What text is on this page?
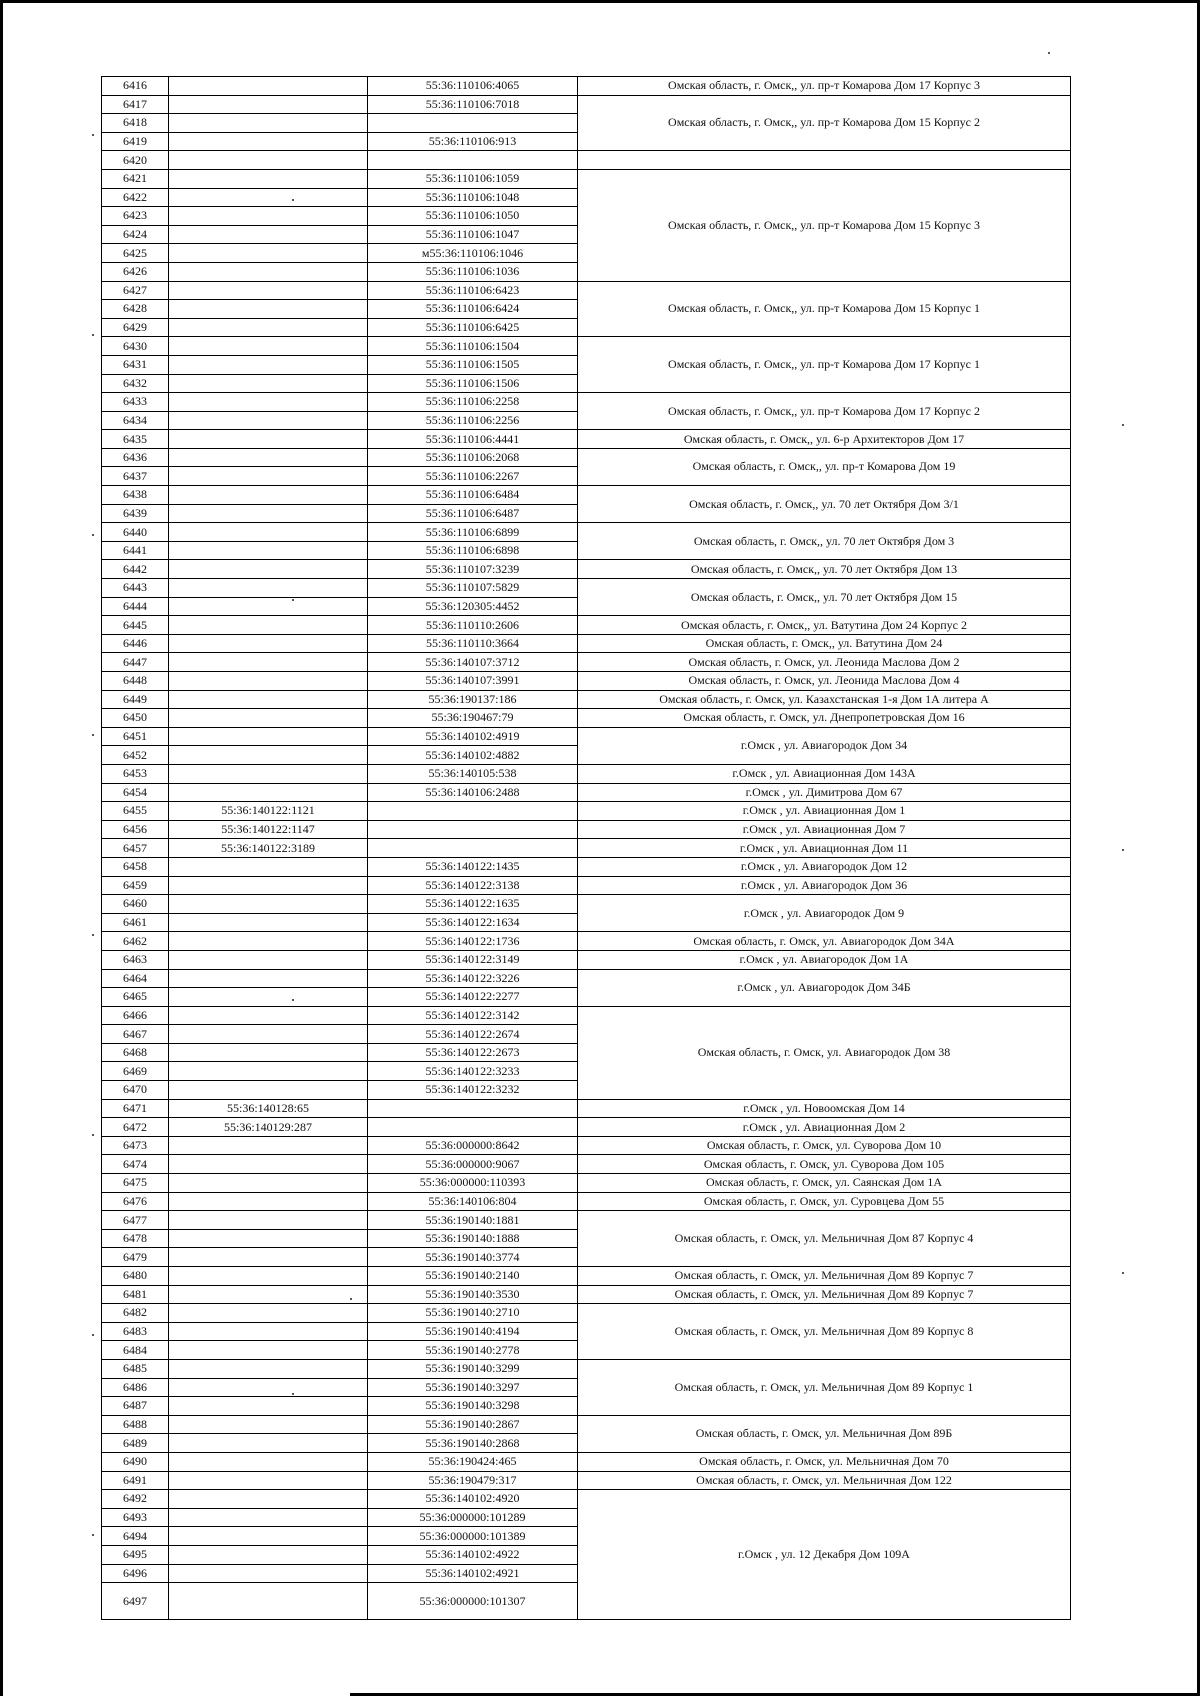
6416		55:36:110106:4065	Омская область, г. Омск,, ул. пр-т Комарова Дом 17 Корпус 3
6417		55:36:110106:7018	Омская область, г. Омск,, ул. пр-т Комарова Дом 15 Корпус 2
6418			
6419		55:36:110106:913	
6420			
6421		55:36:110106:1059	Омская область, г. Омск,, ул. пр-т Комарова Дом 15 Корпус 3
6422		55:36:110106:1048	
6423		55:36:110106:1050	
6424		55:36:110106:1047	
6425		м55:36:110106:1046	
6426		55:36:110106:1036	
6427		55:36:110106:6423	Омская область, г. Омск,, ул. пр-т Комарова Дом 15 Корпус 1
6428		55:36:110106:6424	
6429		55:36:110106:6425	
6430		55:36:110106:1504	Омская область, г. Омск,, ул. пр-т Комарова Дом 17 Корпус 1
6431		55:36:110106:1505	
6432		55:36:110106:1506	
6433		55:36:110106:2258	Омская область, г. Омск,, ул. пр-т Комарова Дом 17 Корпус 2
6434		55:36:110106:2256	
6435		55:36:110106:4441	Омская область, г. Омск,, ул. 6-р Архитекторов Дом 17
6436		55:36:110106:2068	Омская область, г. Омск,, ул. пр-т Комарова Дом 19
6437		55:36:110106:2267	
6438		55:36:110106:6484	Омская область, г. Омск,, ул. 70 лет Октября Дом 3/1
6439		55:36:110106:6487	
6440		55:36:110106:6899	Омская область, г. Омск,, ул. 70 лет Октября Дом 3
6441		55:36:110106:6898	
6442		55:36:110107:3239	Омская область, г. Омск,, ул. 70 лет Октября Дом 13
6443		55:36:110107:5829	Омская область, г. Омск,, ул. 70 лет Октября Дом 15
6444		55:36:120305:4452	
6445		55:36:110110:2606	Омская область, г. Омск,, ул. Ватутина Дом 24 Корпус 2
6446		55:36:110110:3664	Омская область, г. Омск,, ул. Ватутина Дом 24
6447		55:36:140107:3712	Омская область, г. Омск, ул. Леонида Маслова Дом 2
6448		55:36:140107:3991	Омская область, г. Омск, ул. Леонида Маслова Дом 4
6449		55:36:190137:186	Омская область, г. Омск, ул. Казахстанская 1-я Дом 1А литера А
6450		55:36:190467:79	Омская область, г. Омск, ул. Днепропетровская Дом 16
6451		55:36:140102:4919	г.Омск , ул. Авиагородок Дом 34
6452		55:36:140102:4882	
6453		55:36:140105:538	г.Омск , ул. Авиационная Дом 143А
6454		55:36:140106:2488	г.Омск , ул. Димитрова Дом 67
6455	55:36:140122:1121		г.Омск , ул. Авиационная Дом 1
6456	55:36:140122:1147		г.Омск , ул. Авиационная Дом 7
6457	55:36:140122:3189		г.Омск , ул. Авиационная Дом 11
6458		55:36:140122:1435	г.Омск , ул. Авиагородок Дом 12
6459		55:36:140122:3138	г.Омск , ул. Авиагородок Дом 36
6460		55:36:140122:1635	г.Омск , ул. Авиагородок Дом 9
6461		55:36:140122:1634	
6462		55:36:140122:1736	Омская область, г. Омск, ул. Авиагородок Дом 34А
6463		55:36:140122:3149	г.Омск , ул. Авиагородок Дом 1А
6464		55:36:140122:3226	г.Омск , ул. Авиагородок Дом 34Б
6465		55:36:140122:2277	
6466		55:36:140122:3142	Омская область, г. Омск, ул. Авиагородок Дом 38
6467		55:36:140122:2674	
6468		55:36:140122:2673	
6469		55:36:140122:3233	
6470		55:36:140122:3232	
6471	55:36:140128:65		г.Омск , ул. Новоомская Дом 14
6472	55:36:140129:287		г.Омск , ул. Авиационная Дом 2
6473		55:36:000000:8642	Омская область, г. Омск, ул. Суворова Дом 10
6474		55:36:000000:9067	Омская область, г. Омск, ул. Суворова Дом 105
6475		55:36:000000:110393	Омская область, г. Омск, ул. Саянская Дом 1А
6476		55:36:140106:804	Омская область, г. Омск, ул. Суровцева Дом 55
6477		55:36:190140:1881	Омская область, г. Омск, ул. Мельничная Дом 87 Корпус 4
6478		55:36:190140:1888	
6479		55:36:190140:3774	
6480		55:36:190140:2140	Омская область, г. Омск, ул. Мельничная Дом 89 Корпус 7
6481		55:36:190140:3530	Омская область, г. Омск, ул. Мельничная Дом 89 Корпус 7
6482		55:36:190140:2710	Омская область, г. Омск, ул. Мельничная Дом 89 Корпус 8
6483		55:36:190140:4194	
6484		55:36:190140:2778	
6485		55:36:190140:3299	Омская область, г. Омск, ул. Мельничная Дом 89 Корпус 1
6486		55:36:190140:3297	
6487		55:36:190140:3298	
6488		55:36:190140:2867	Омская область, г. Омск, ул. Мельничная Дом 89Б
6489		55:36:190140:2868	
6490		55:36:190424:465	Омская область, г. Омск, ул. Мельничная Дом 70
6491		55:36:190479:317	Омская область, г. Омск, ул. Мельничная Дом 122
6492		55:36:140102:4920	г.Омск , ул. 12 Декабря Дом 109А
6493		55:36:000000:101289	
6494		55:36:000000:101389	
6495		55:36:140102:4922	
6496		55:36:140102:4921	
6497		55:36:000000:101307	
